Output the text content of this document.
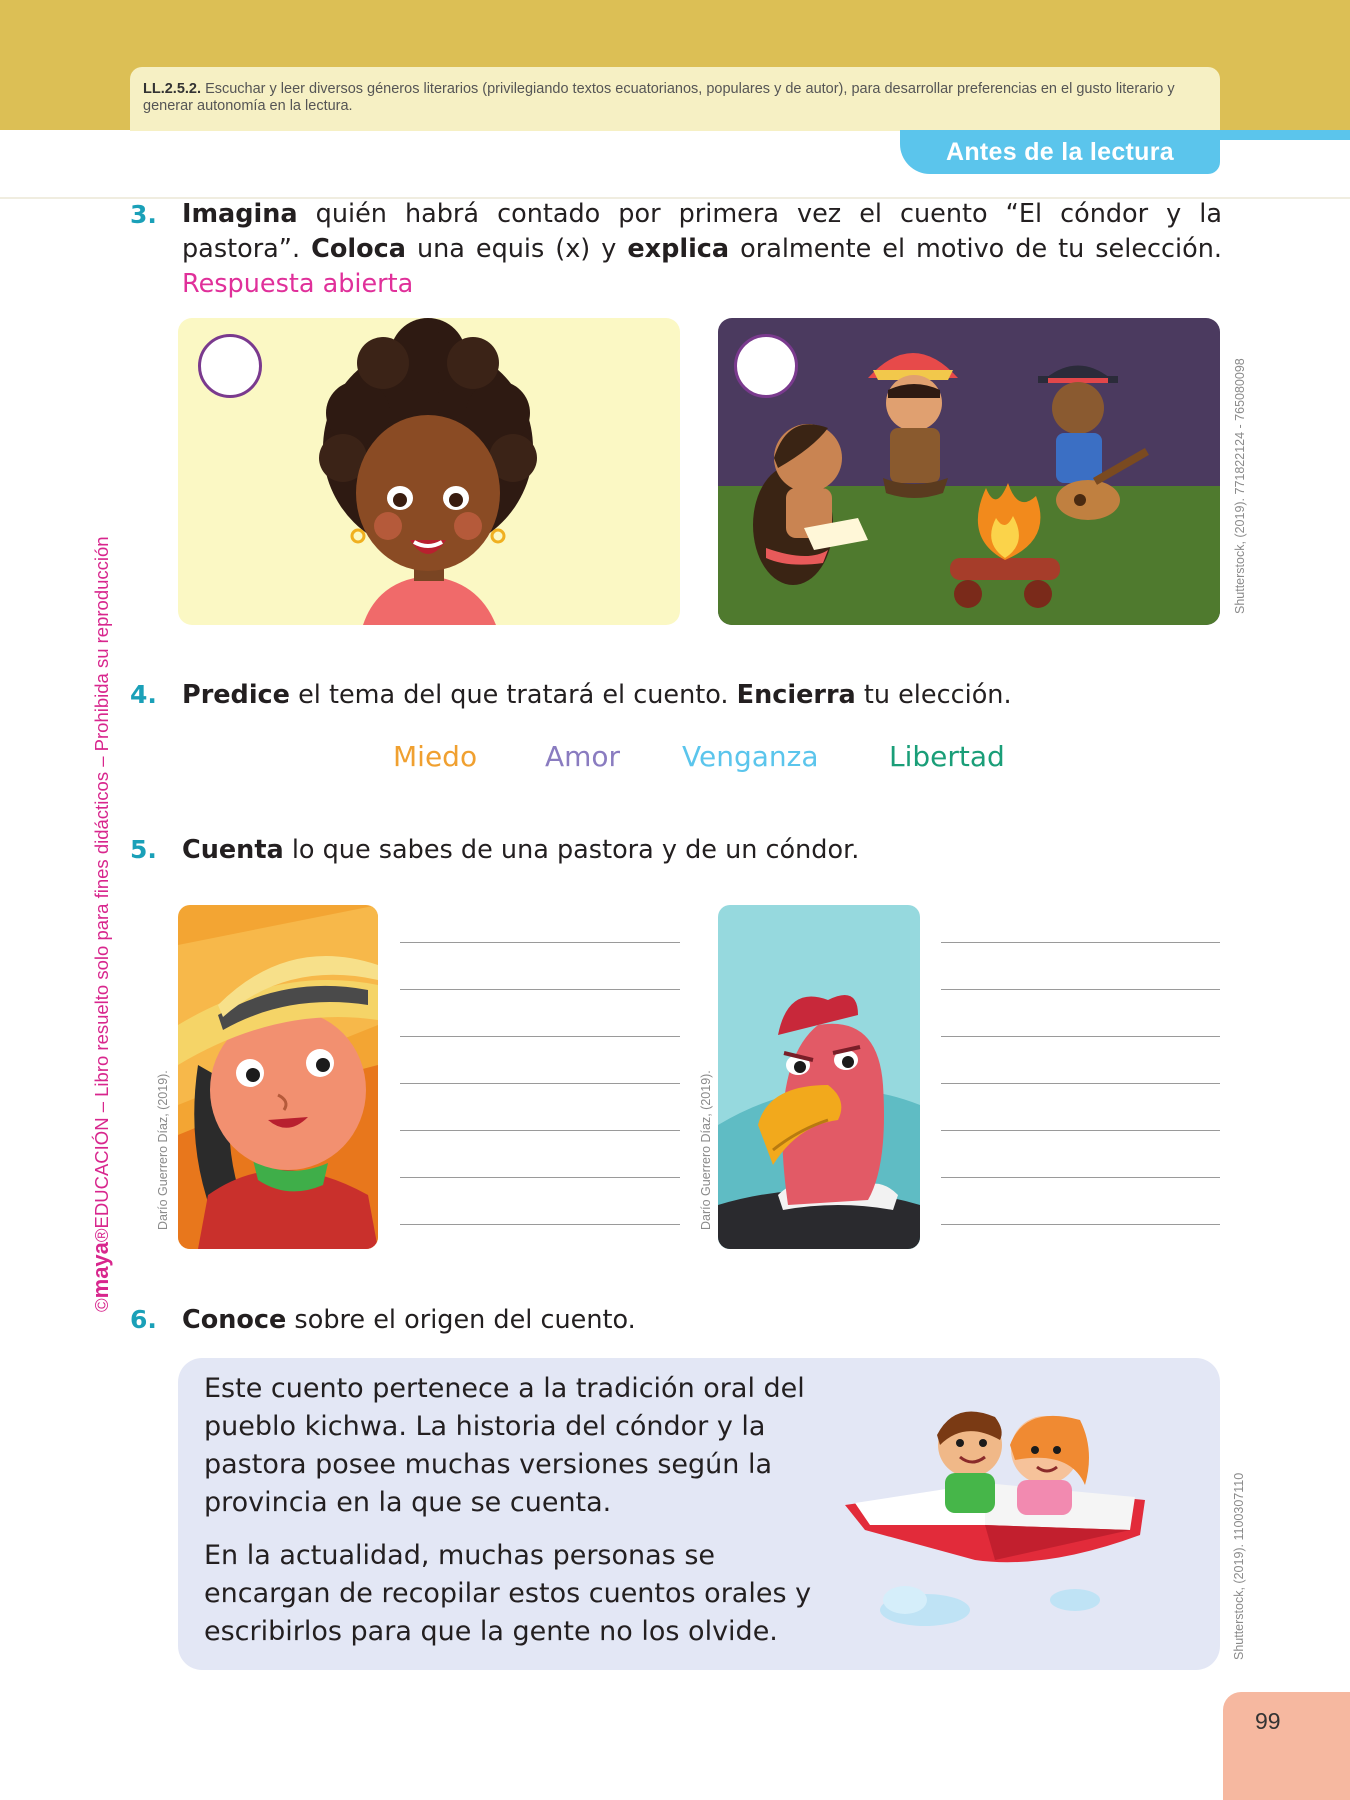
LL.2.5.2. Escuchar y leer diversos géneros literarios (privilegiando textos ecuatorianos, populares y de autor), para desarrollar preferencias en el gusto literario y generar autonomía en la lectura.
Antes de la lectura
©maya®EDUCACIÓN – Libro resuelto solo para fines didácticos – Prohibida su reproducción
3. Imagina quién habrá contado por primera vez el cuento “El cóndor y la pastora”. Coloca una equis (x) y explica oralmente el motivo de tu selección. Respuesta abierta
Shutterstock, (2019). 771822124 - 765080098
4. Predice el tema del que tratará el cuento. Encierra tu elección.
Miedo Amor Venganza	Libertad
5. Cuenta lo que sabes de una pastora y de un cóndor.
Darío Guerrero Díaz, (2019).	Darío Guerrero Díaz, (2019).
6. Conoce sobre el origen del cuento.
Este cuento pertenece a la tradición oral del pueblo kichwa. La historia del cóndor y la pastora posee muchas versiones según la provincia en la que se cuenta.
En la actualidad, muchas personas se encargan de recopilar estos cuentos orales y escribirlos para que la gente no los olvide.	Shutterstock, (2019). 1100307110
99
